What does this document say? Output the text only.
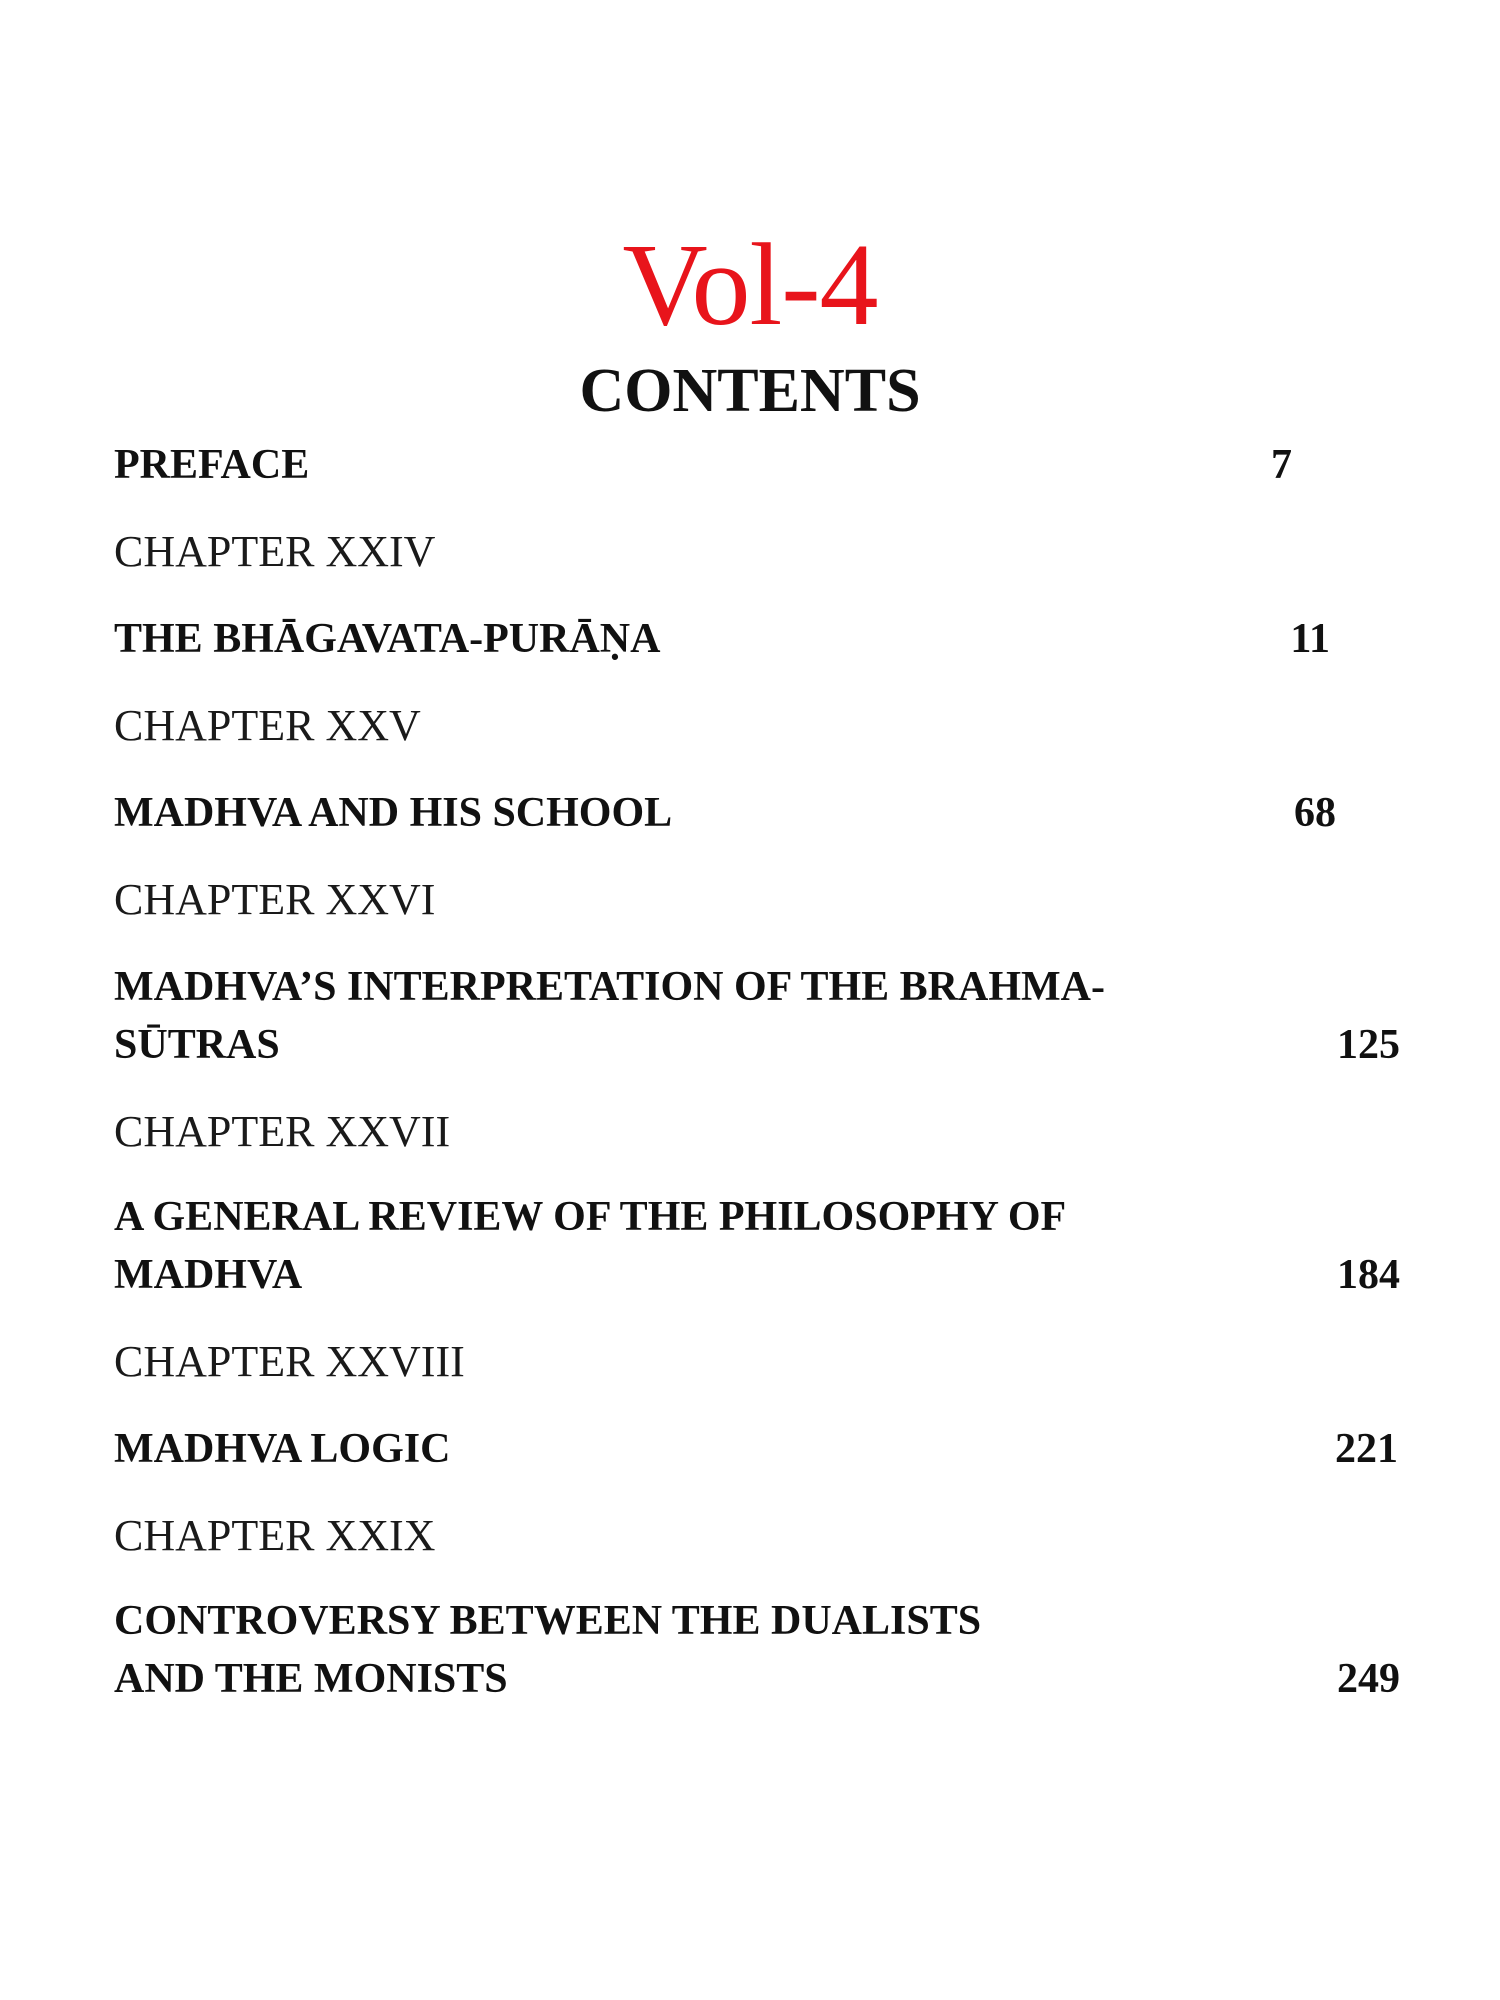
Vol-4
CONTENTS
PREFACE	7
CHAPTER XXIV
THE BHĀGAVATA-PURĀṆA	11
CHAPTER XXV
MADHVA AND HIS SCHOOL	68
CHAPTER XXVI
MADHVA’S INTERPRETATION OF THE BRAHMA-
SŪTRAS	125
CHAPTER XXVII
A GENERAL REVIEW OF THE PHILOSOPHY OF
MADHVA	184
CHAPTER XXVIII
MADHVA LOGIC	221
CHAPTER XXIX
CONTROVERSY BETWEEN THE DUALISTS
AND THE MONISTS	249
